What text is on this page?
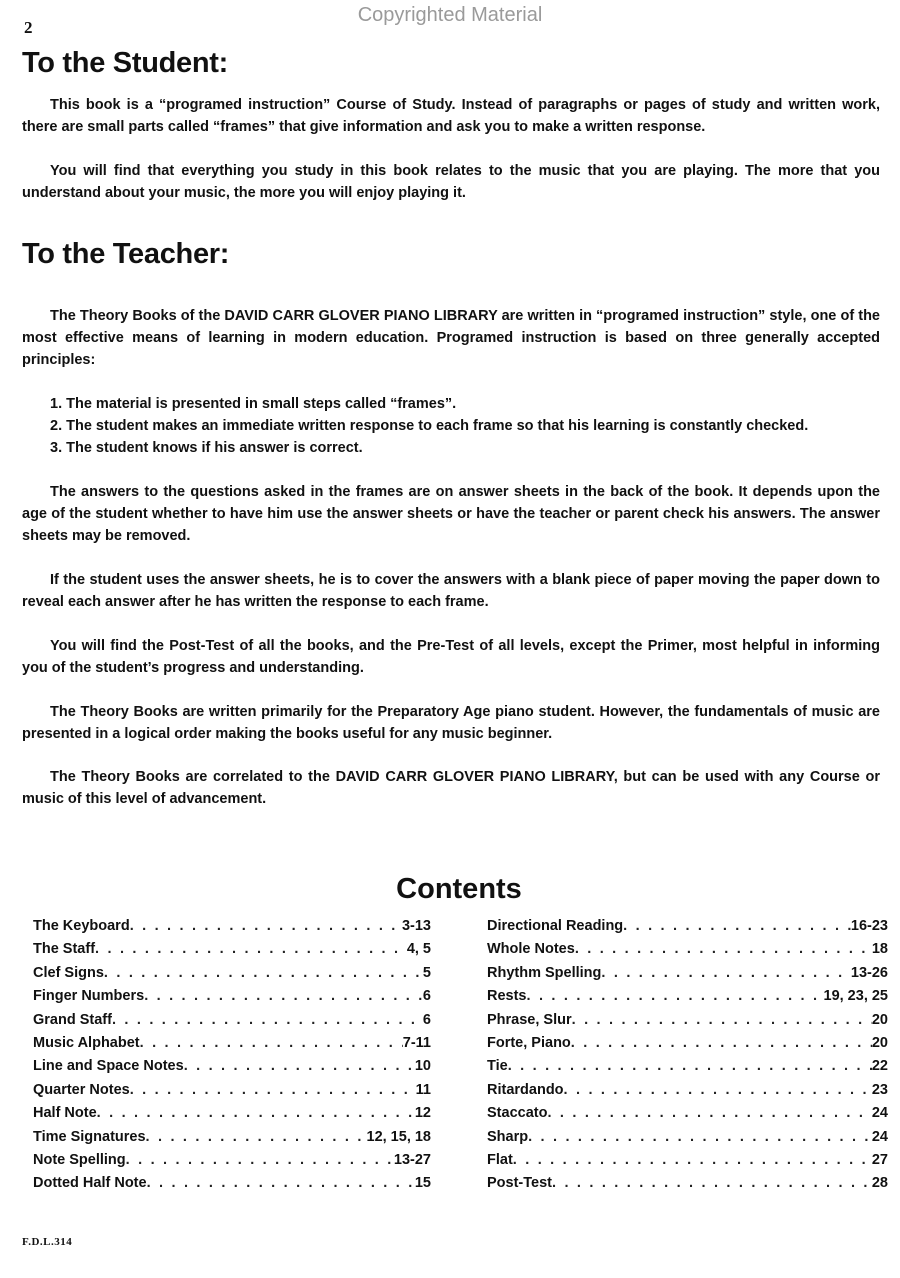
Copyrighted Material
2
To the Student:

This book is a “programed instruction” Course of Study. Instead of paragraphs or pages of study and written work, there are small parts called “frames” that give information and ask you to make a written response.

You will find that everything you study in this book relates to the music that you are playing. The more that you understand about your music, the more you will enjoy playing it.

To the Teacher:

The Theory Books of the DAVID CARR GLOVER PIANO LIBRARY are written in “programed instruction” style, one of the most effective means of learning in modern education. Programed instruction is based on three generally accepted principles:

1. The material is presented in small steps called “frames”.
2. The student makes an immediate written response to each frame so that his learning is constantly checked.
3. The student knows if his answer is correct.

The answers to the questions asked in the frames are on answer sheets in the back of the book. It depends upon the age of the student whether to have him use the answer sheets or have the teacher or parent check his answers. The answer sheets may be removed.

If the student uses the answer sheets, he is to cover the answers with a blank piece of paper moving the paper down to reveal each answer after he has written the response to each frame.

You will find the Post-Test of all the books, and the Pre-Test of all levels, except the Primer, most helpful in informing you of the student’s progress and understanding.

The Theory Books are written primarily for the Preparatory Age piano student. However, the fundamentals of music are presented in a logical order making the books useful for any music beginner.

The Theory Books are correlated to the DAVID CARR GLOVER PIANO LIBRARY, but can be used with any Course or music of this level of advancement.

Contents
The Keyboard . . .	3-13
The Staff . . .	4, 5
Clef Signs . . .	5
Finger Numbers . . .	6
Grand Staff . . .	6
Music Alphabet . . .	7-11
Line and Space Notes . . .	10
Quarter Notes . . .	11
Half Note . . .	12
Time Signatures . . .	12, 15, 18
Note Spelling . . .	13-27
Dotted Half Note . . .	15
Directional Reading . . .	16-23
Whole Notes . . .	18
Rhythm Spelling . . .	13-26
Rests . . .	19, 23, 25
Phrase, Slur . . .	20
Forte, Piano . . .	20
Tie . . .	22
Ritardando . . .	23
Staccato . . .	24
Sharp . . .	24
Flat . . .	27
Post-Test . . .	28
F.D.L.314
